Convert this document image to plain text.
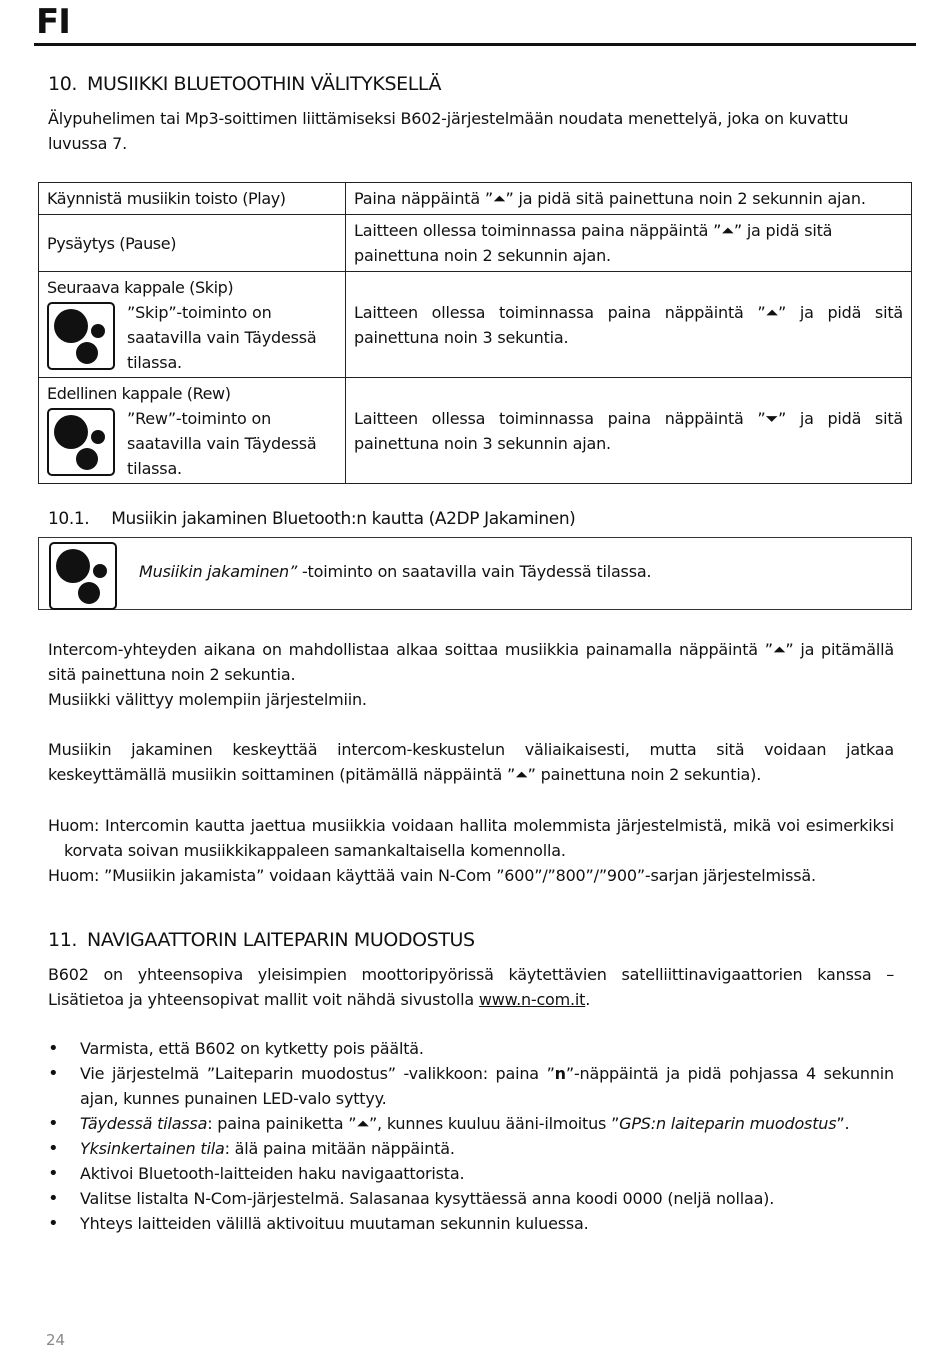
FI
10. MUSIIKKI BLUETOOTHIN VÄLITYKSELLÄ
Älypuhelimen tai Mp3-soittimen liittämiseksi B602-järjestelmään noudata menettelyä, joka on kuvattu luvussa 7.
Käynnistä musiikin toisto (Play)	Paina näppäintä ”⏶” ja pidä sitä painettuna noin 2 sekunnin ajan.
Pysäytys (Pause)	Laitteen ollessa toiminnassa paina näppäintä ”⏶” ja pidä sitä painettuna noin 2 sekunnin ajan.

Seuraava kappale (Skip)
”Skip”-toiminto on saatavilla vain Täydessä tilassa.	Laitteen ollessa toiminnassa paina näppäintä ”⏶” ja pidä sitä painettuna noin 3 sekuntia.

Edellinen kappale (Rew)
”Rew”-toiminto on saatavilla vain Täydessä tilassa.	Laitteen ollessa toiminnassa paina näppäintä ”⏷” ja pidä sitä painettuna noin 3 sekunnin ajan.
10.1. Musiikin jakaminen Bluetooth:n kautta (A2DP Jakaminen)
Musiikin jakaminen” -toiminto on saatavilla vain Täydessä tilassa.
Intercom-yhteyden aikana on mahdollistaa alkaa soittaa musiikkia painamalla näppäintä ”⏶” ja pitämällä sitä painettuna noin 2 sekuntia.
Musiikki välittyy molempiin järjestelmiin.
Musiikin jakaminen keskeyttää intercom-keskustelun väliaikaisesti, mutta sitä voidaan jatkaa keskeyttämällä musiikin soittaminen (pitämällä näppäintä ”⏶” painettuna noin 2 sekuntia).
Huom: Intercomin kautta jaettua musiikkia voidaan hallita molemmista järjestelmistä, mikä voi esimerkiksi korvata soivan musiikkikappaleen samankaltaisella komennolla.
Huom: ”Musiikin jakamista” voidaan käyttää vain N-Com ”600”/”800”/”900”-sarjan järjestelmissä.
11. NAVIGAATTORIN LAITEPARIN MUODOSTUS
B602 on yhteensopiva yleisimpien moottoripyörissä käytettävien satelliittinavigaattorien kanssa – Lisätietoa ja yhteensopivat mallit voit nähdä sivustolla www.n-com.it.
• Varmista, että B602 on kytketty pois päältä.
• Vie järjestelmä ”Laiteparin muodostus” -valikkoon: paina ”n”-näppäintä ja pidä pohjassa 4 sekunnin ajan, kunnes punainen LED-valo syttyy.
• Täydessä tilassa: paina painiketta ”⏶”, kunnes kuuluu ääni-ilmoitus ”GPS:n laiteparin muodostus”.
• Yksinkertainen tila: älä paina mitään näppäintä.
• Aktivoi Bluetooth-laitteiden haku navigaattorista.
• Valitse listalta N-Com-järjestelmä. Salasanaa kysyttäessä anna koodi 0000 (neljä nollaa).
• Yhteys laitteiden välillä aktivoituu muutaman sekunnin kuluessa.
24
